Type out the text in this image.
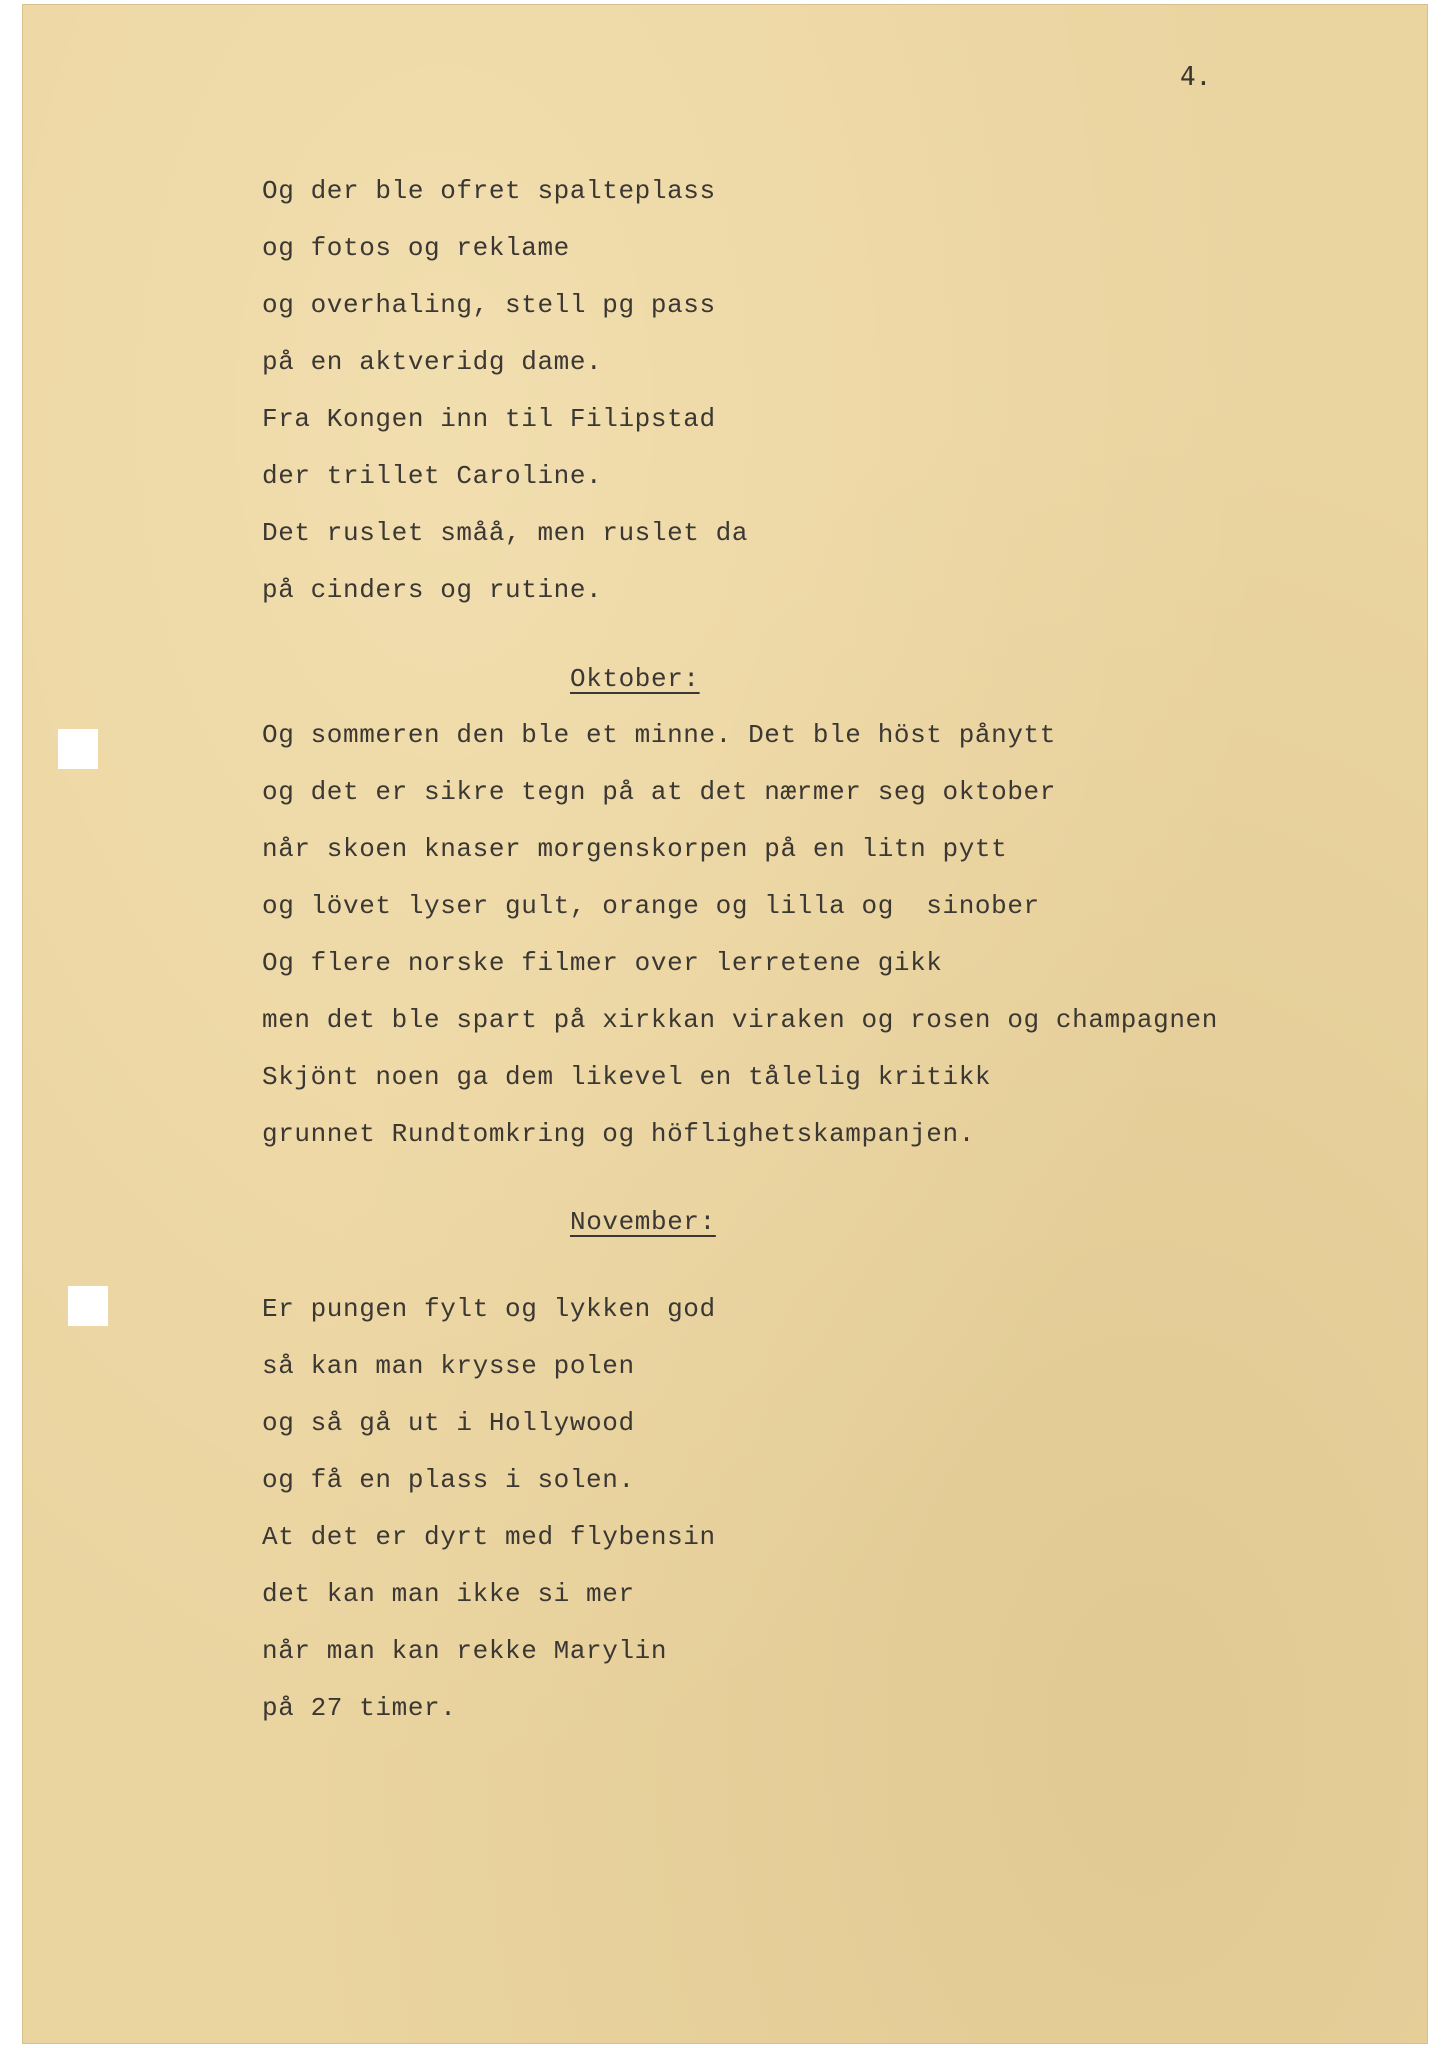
4.
Og der ble ofret spalteplass
og fotos og reklame
og overhaling, stell pg pass
på en aktveridg dame.
Fra Kongen inn til Filipstad
der trillet Caroline.
Det ruslet småå, men ruslet da
på cinders og rutine.
Oktober:
Og sommeren den ble et minne. Det ble höst pånytt
og det er sikre tegn på at det nærmer seg oktober
når skoen knaser morgenskorpen på en litn pytt
og lövet lyser gult, orange og lilla og  sinober
Og flere norske filmer over lerretene gikk
men det ble spart på xirkkan viraken og rosen og champagnen
Skjönt noen ga dem likevel en tålelig kritikk
grunnet Rundtomkring og höflighetskampanjen.
November:
Er pungen fylt og lykken god
så kan man krysse polen
og så gå ut i Hollywood
og få en plass i solen.
At det er dyrt med flybensin
det kan man ikke si mer
når man kan rekke Marylin
på 27 timer.
